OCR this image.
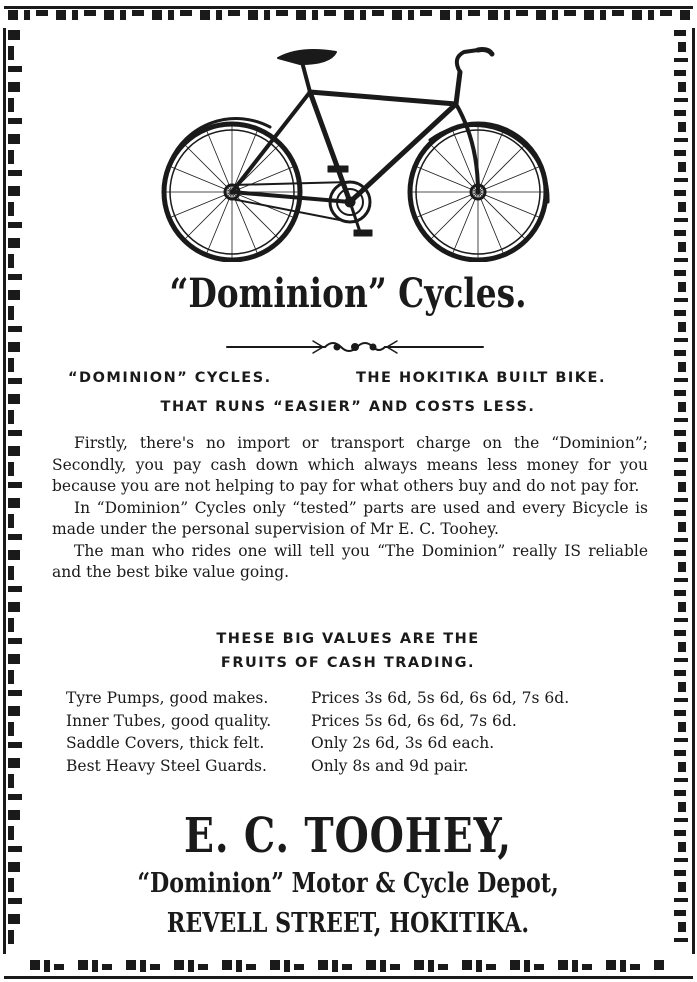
“Dominion” Cycles.
“DOMINION” CYCLES.	THE HOKITIKA BUILT BIKE.
THAT RUNS “EASIER” AND COSTS LESS.

Firstly, there's no import or transport charge on the “Dominion”; Secondly, you pay cash down which always means less money for you because you are not helping to pay for what others buy and do not pay for.

In “Dominion” Cycles only “tested” parts are used and every Bicycle is made under the personal supervision of Mr E. C. Toohey.

The man who rides one will tell you “The Dominion” really IS reliable and the best bike value going.

THESE BIG VALUES ARE THE
FRUITS OF CASH TRADING.
Tyre Pumps, good makes.	Prices 3s 6d, 5s 6d, 6s 6d, 7s 6d.
Inner Tubes, good quality.	Prices 5s 6d, 6s 6d, 7s 6d.
Saddle Covers, thick felt.	Only 2s 6d, 3s 6d each.
Best Heavy Steel Guards.	Only 8s and 9d pair.
E. C. TOOHEY,
“Dominion” Motor & Cycle Depot,
REVELL STREET, HOKITIKA.
